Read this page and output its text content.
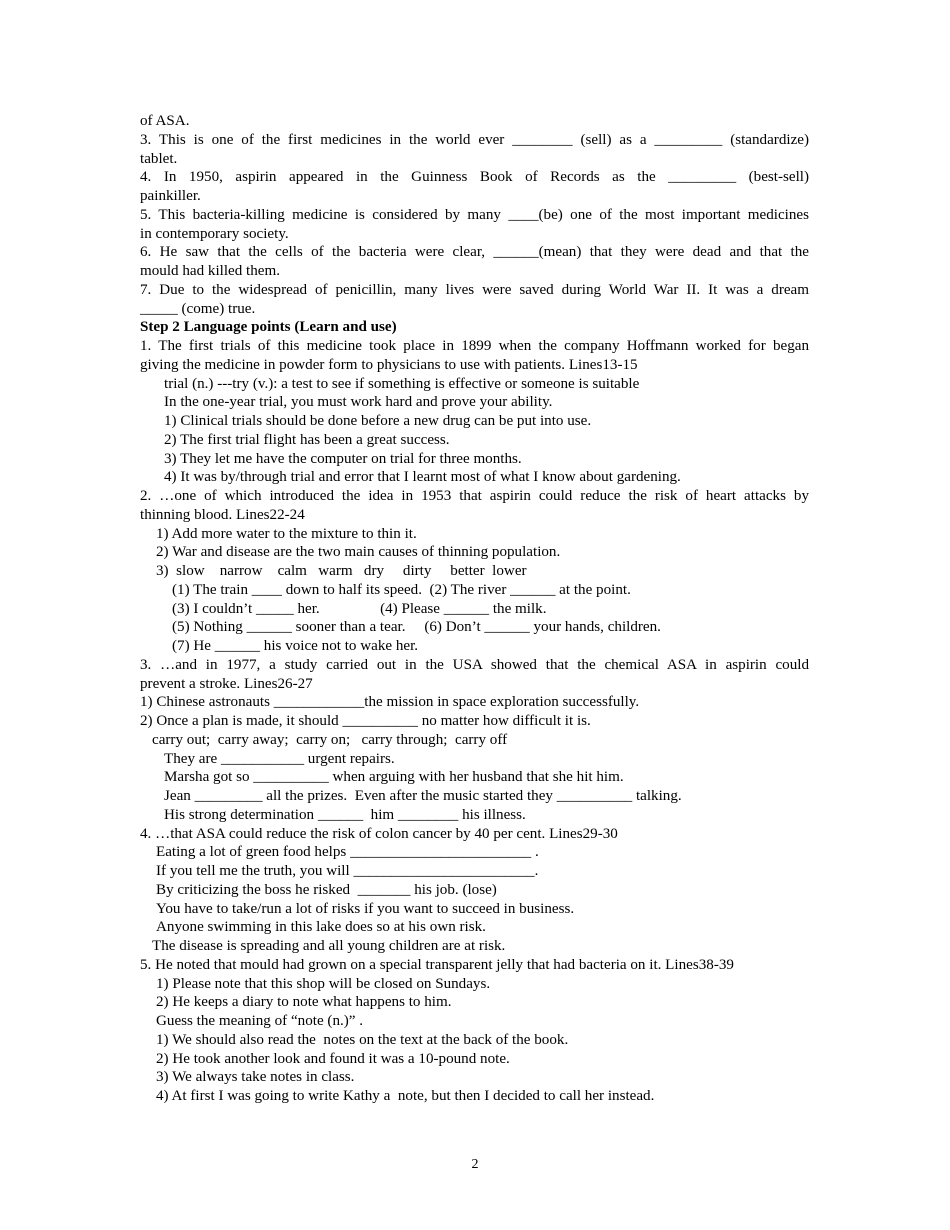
of ASA.
3. This is one of the first medicines in the world ever ________ (sell) as a _________ (standardize)
tablet.
4. In 1950, aspirin appeared in the Guinness Book of Records as the _________ (best-sell)
painkiller.
5. This bacteria-killing medicine is considered by many ____(be) one of the most important medicines
in contemporary society.
6. He saw that the cells of the bacteria were clear, ______(mean) that they were dead and that the
mould had killed them.
7. Due to the widespread of penicillin, many lives were saved during World War II. It was a dream
_____ (come) true.
Step 2 Language points (Learn and use)
1. The first trials of this medicine took place in 1899 when the company Hoffmann worked for began
giving the medicine in powder form to physicians to use with patients. Lines13-15
trial (n.) ---try (v.): a test to see if something is effective or someone is suitable
In the one-year trial, you must work hard and prove your ability.
1) Clinical trials should be done before a new drug can be put into use.
2) The first trial flight has been a great success.
3) They let me have the computer on trial for three months.
4) It was by/through trial and error that I learnt most of what I know about gardening.
2. …one of which introduced the idea in 1953 that aspirin could reduce the risk of heart attacks by
thinning blood. Lines22-24
1) Add more water to the mixture to thin it.
2) War and disease are the two main causes of thinning population.
3)  slow    narrow    calm   warm   dry     dirty     better  lower
(1) The train ____ down to half its speed.  (2) The river ______ at the point.
(3) I couldn’t _____ her.                (4) Please ______ the milk.
(5) Nothing ______ sooner than a tear.     (6) Don’t ______ your hands, children.
(7) He ______ his voice not to wake her.
3. …and in 1977, a study carried out in the USA showed that the chemical ASA in aspirin could
prevent a stroke. Lines26-27
1) Chinese astronauts ____________the mission in space exploration successfully.
2) Once a plan is made, it should __________ no matter how difficult it is.
carry out;  carry away;  carry on;   carry through;  carry off
They are ___________ urgent repairs.
Marsha got so __________ when arguing with her husband that she hit him.
Jean _________ all the prizes.  Even after the music started they __________ talking.
His strong determination ______  him ________ his illness.
4. …that ASA could reduce the risk of colon cancer by 40 per cent. Lines29-30
Eating a lot of green food helps ________________________ .
If you tell me the truth, you will ________________________.
By criticizing the boss he risked  _______ his job. (lose)
You have to take/run a lot of risks if you want to succeed in business.
Anyone swimming in this lake does so at his own risk.
The disease is spreading and all young children are at risk.
5. He noted that mould had grown on a special transparent jelly that had bacteria on it. Lines38-39
1) Please note that this shop will be closed on Sundays.
2) He keeps a diary to note what happens to him.
Guess the meaning of “note (n.)” .
1) We should also read the  notes on the text at the back of the book.
2) He took another look and found it was a 10-pound note.
3) We always take notes in class.
4) At first I was going to write Kathy a  note, but then I decided to call her instead.
2
